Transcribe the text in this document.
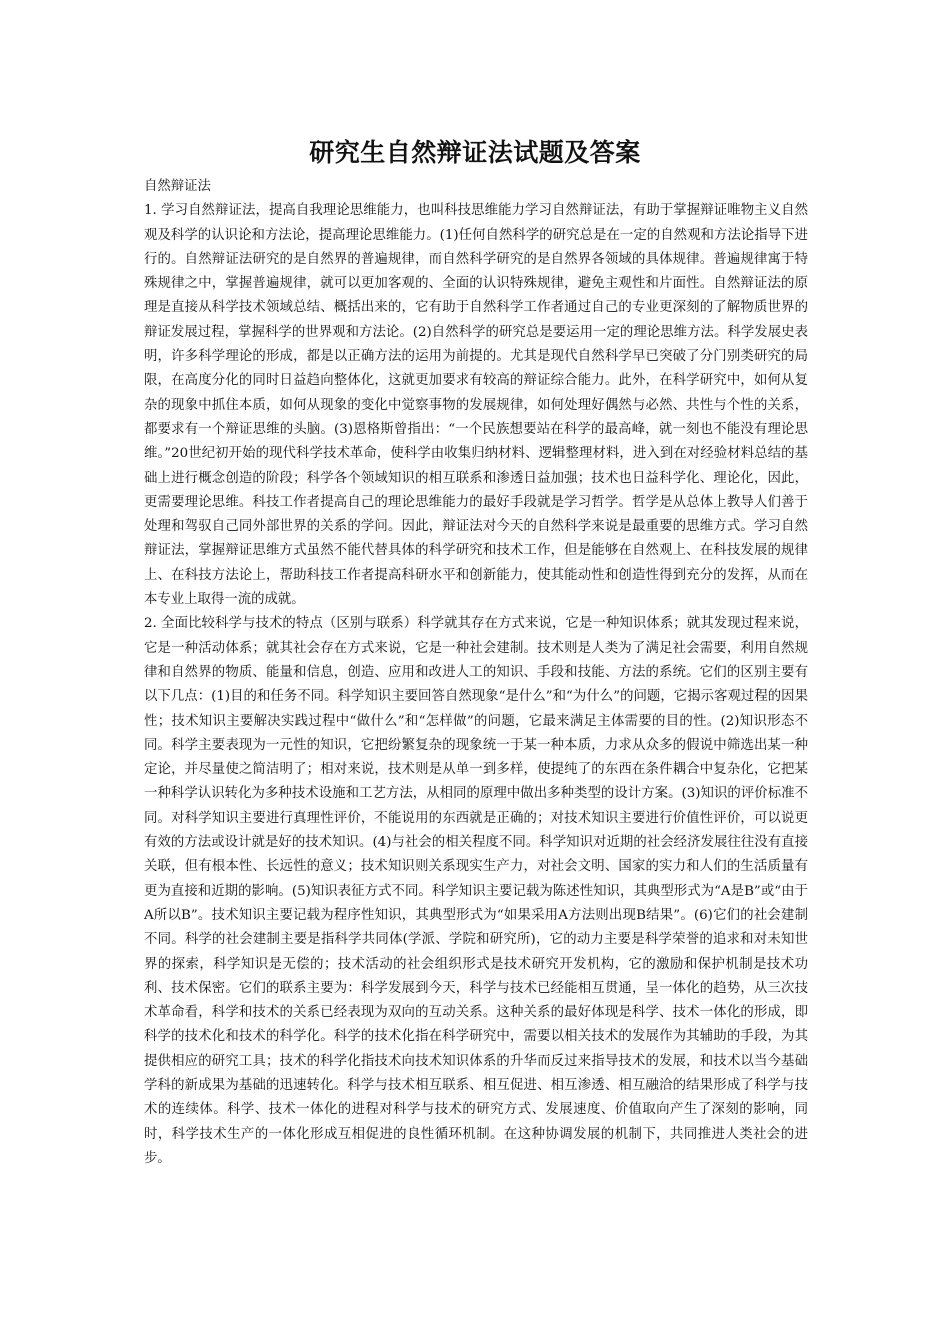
研究生自然辩证法试题及答案

自然辩证法

1. 学习自然辩证法，提高自我理论思维能力，也叫科技思维能力学习自然辩证法，有助于掌握辩证唯物主义自然观及科学的认识论和方法论，提高理论思维能力。(1)任何自然科学的研究总是在一定的自然观和方法论指导下进行的。自然辩证法研究的是自然界的普遍规律，而自然科学研究的是自然界各领域的具体规律。普遍规律寓于特殊规律之中，掌握普遍规律，就可以更加客观的、全面的认识特殊规律，避免主观性和片面性。自然辩证法的原理是直接从科学技术领域总结、概括出来的，它有助于自然科学工作者通过自己的专业更深刻的了解物质世界的辩证发展过程，掌握科学的世界观和方法论。(2)自然科学的研究总是要运用一定的理论思维方法。科学发展史表明，许多科学理论的形成，都是以正确方法的运用为前提的。尤其是现代自然科学早已突破了分门别类研究的局限，在高度分化的同时日益趋向整体化，这就更加要求有较高的辩证综合能力。此外，在科学研究中，如何从复杂的现象中抓住本质，如何从现象的变化中觉察事物的发展规律，如何处理好偶然与必然、共性与个性的关系，都要求有一个辩证思维的头脑。(3)恩格斯曾指出：“一个民族想要站在科学的最高峰，就一刻也不能没有理论思维。”20世纪初开始的现代科学技术革命，使科学由收集归纳材料、逻辑整理材料，进入到在对经验材料总结的基础上进行概念创造的阶段；科学各个领域知识的相互联系和渗透日益加强；技术也日益科学化、理论化，因此，更需要理论思维。科技工作者提高自己的理论思维能力的最好手段就是学习哲学。哲学是从总体上教导人们善于处理和驾驭自己同外部世界的关系的学问。因此，辩证法对今天的自然科学来说是最重要的思维方式。学习自然辩证法，掌握辩证思维方式虽然不能代替具体的科学研究和技术工作，但是能够在自然观上、在科技发展的规律上、在科技方法论上，帮助科技工作者提高科研水平和创新能力，使其能动性和创造性得到充分的发挥，从而在本专业上取得一流的成就。

2. 全面比较科学与技术的特点（区别与联系）科学就其存在方式来说，它是一种知识体系；就其发现过程来说，它是一种活动体系；就其社会存在方式来说，它是一种社会建制。技术则是人类为了满足社会需要，利用自然规律和自然界的物质、能量和信息，创造、应用和改进人工的知识、手段和技能、方法的系统。它们的区别主要有以下几点：(1)目的和任务不同。科学知识主要回答自然现象“是什么”和“为什么”的问题，它揭示客观过程的因果性；技术知识主要解决实践过程中“做什么”和“怎样做”的问题，它最来满足主体需要的目的性。(2)知识形态不同。科学主要表现为一元性的知识，它把纷繁复杂的现象统一于某一种本质，力求从众多的假说中筛选出某一种定论，并尽量使之简洁明了；相对来说，技术则是从单一到多样，使提纯了的东西在条件耦合中复杂化，它把某一种科学认识转化为多种技术设施和工艺方法，从相同的原理中做出多种类型的设计方案。(3)知识的评价标准不同。对科学知识主要进行真理性评价，不能说用的东西就是正确的；对技术知识主要进行价值性评价，可以说更有效的方法或设计就是好的技术知识。(4)与社会的相关程度不同。科学知识对近期的社会经济发展往往没有直接关联，但有根本性、长远性的意义；技术知识则关系现实生产力，对社会文明、国家的实力和人们的生活质量有更为直接和近期的影响。(5)知识表征方式不同。科学知识主要记载为陈述性知识，其典型形式为“A是B”或“由于A所以B”。技术知识主要记载为程序性知识，其典型形式为“如果采用A方法则出现B结果”。(6)它们的社会建制不同。科学的社会建制主要是指科学共同体(学派、学院和研究所)，它的动力主要是科学荣誉的追求和对未知世界的探索，科学知识是无偿的；技术活动的社会组织形式是技术研究开发机构，它的激励和保护机制是技术功利、技术保密。它们的联系主要为：科学发展到今天，科学与技术已经能相互贯通，呈一体化的趋势，从三次技术革命看，科学和技术的关系已经表现为双向的互动关系。这种关系的最好体现是科学、技术一体化的形成，即科学的技术化和技术的科学化。科学的技术化指在科学研究中，需要以相关技术的发展作为其辅助的手段，为其提供相应的研究工具；技术的科学化指技术向技术知识体系的升华而反过来指导技术的发展，和技术以当今基础学科的新成果为基础的迅速转化。科学与技术相互联系、相互促进、相互渗透、相互融洽的结果形成了科学与技术的连续体。科学、技术一体化的进程对科学与技术的研究方式、发展速度、价值取向产生了深刻的影响，同时，科学技术生产的一体化形成互相促进的良性循环机制。在这种协调发展的机制下，共同推进人类社会的进步。
